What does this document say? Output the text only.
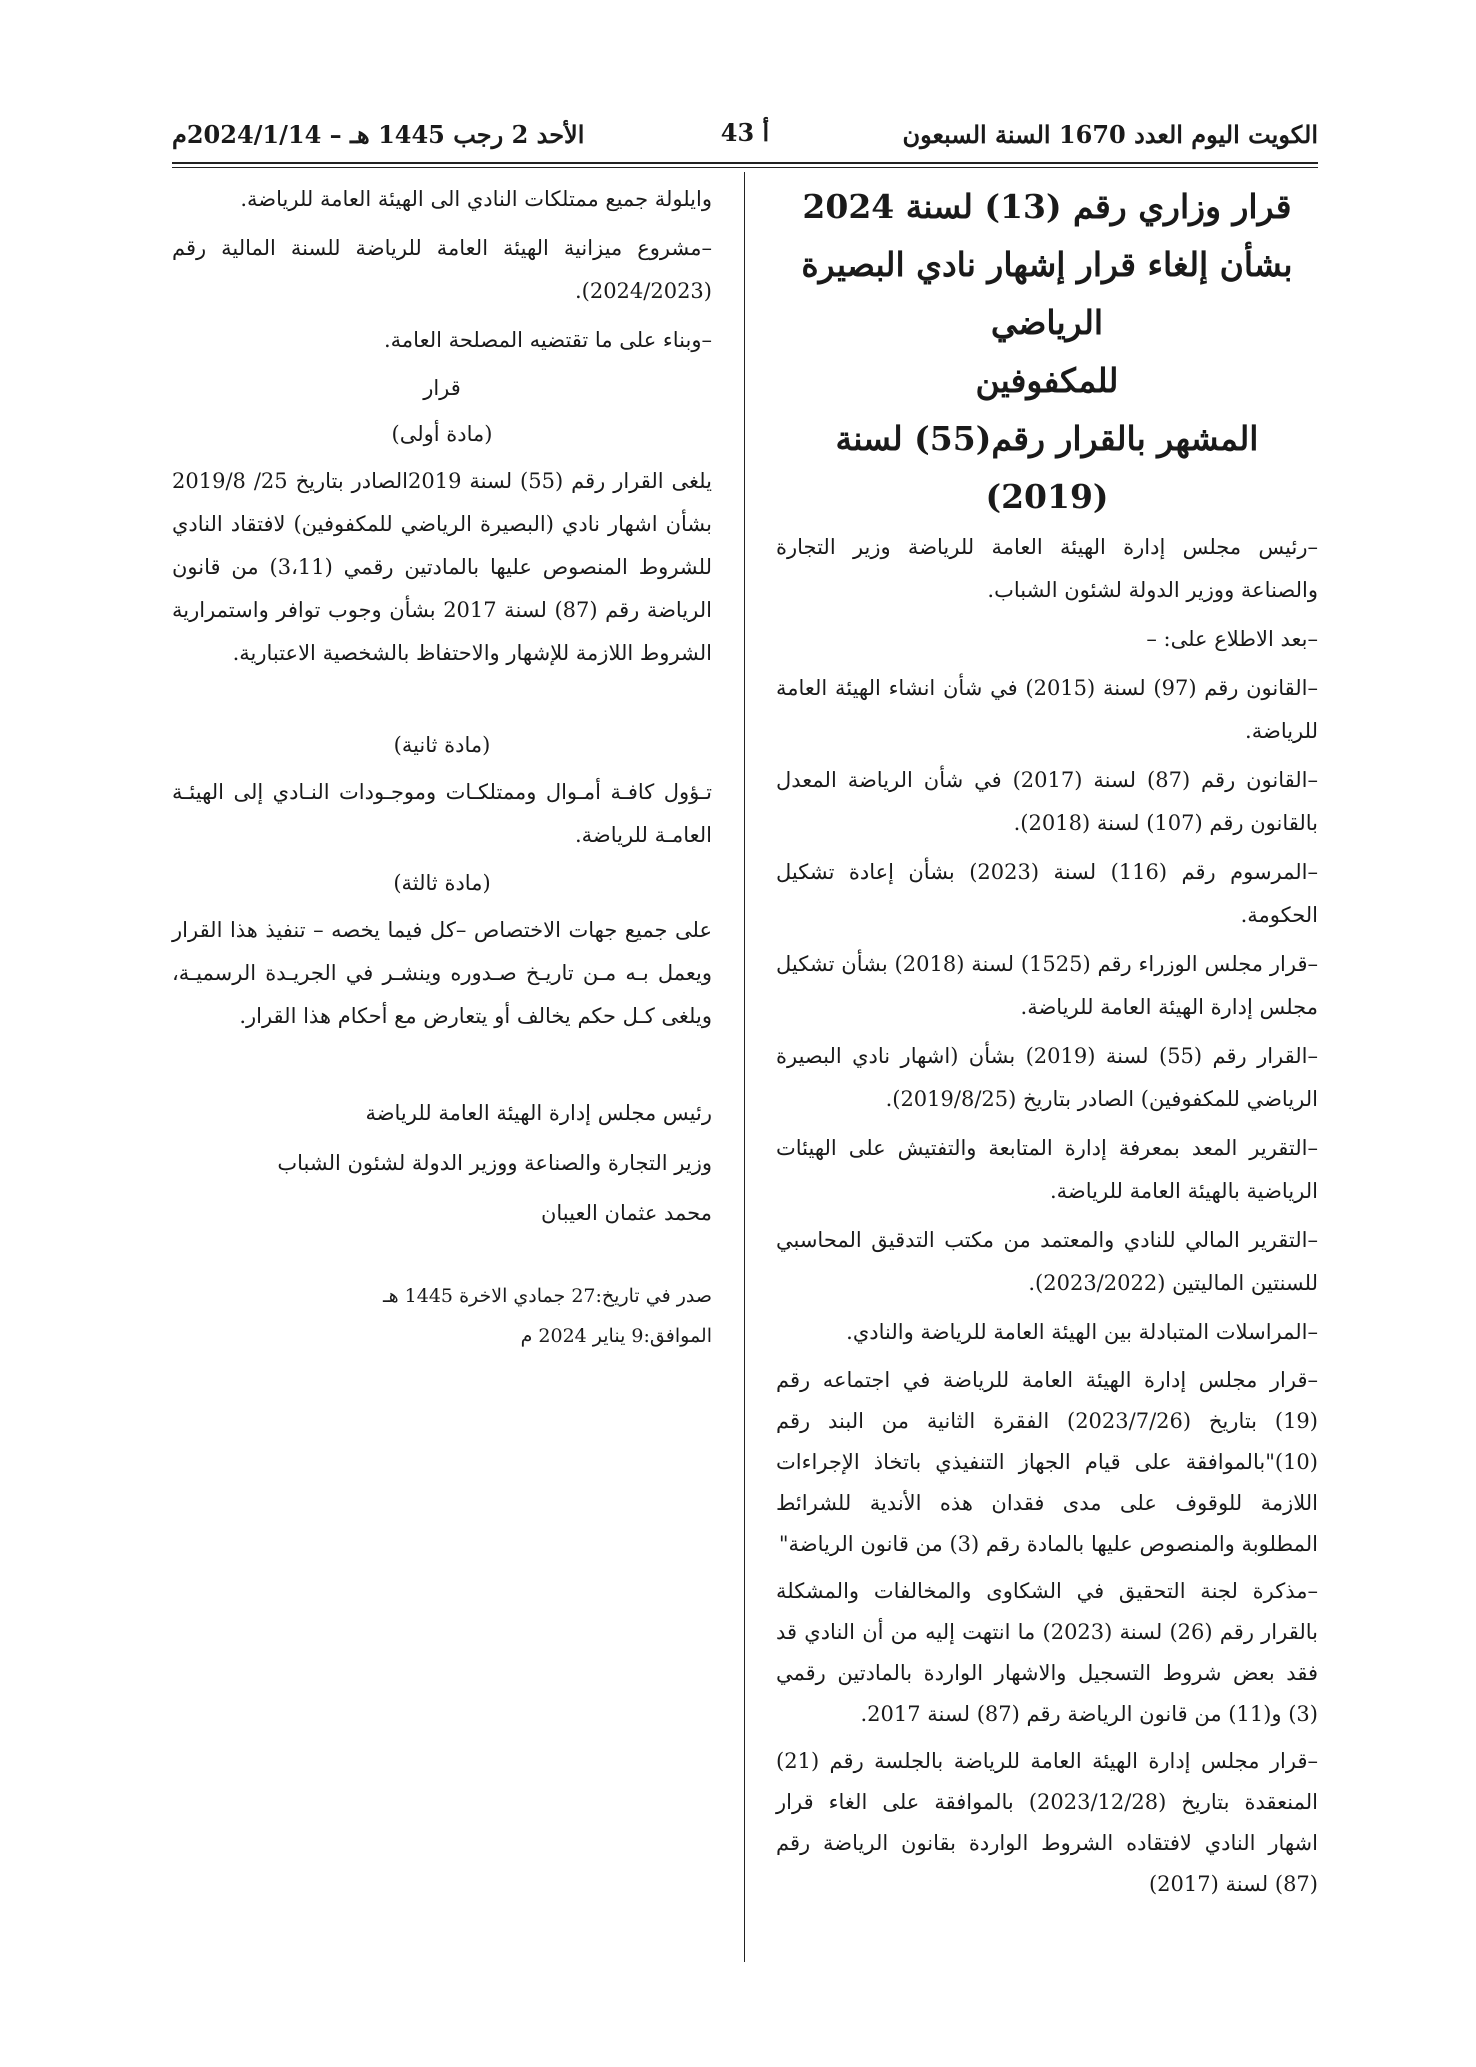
الكويت اليوم العدد 1670 السنة السبعون
أ 43
الأحد 2 رجب 1445 هـ – 2024/1/14م

قرار وزاري رقم (13) لسنة 2024

بشأن إلغاء قرار إشهار نادي البصيرة الرياضي

للمكفوفين

المشهر بالقرار رقم(55) لسنة (2019)

–رئيس مجلس إدارة الهيئة العامة للرياضة وزير التجارة والصناعة ووزير الدولة لشئون الشباب.

–بعد الاطلاع على: –

–القانون رقم (97) لسنة (2015) في شأن انشاء الهيئة العامة للرياضة.

–القانون رقم (87) لسنة (2017) في شأن الرياضة المعدل بالقانون رقم (107) لسنة (2018).

–المرسوم رقم (116) لسنة (2023) بشأن إعادة تشكيل الحكومة.

–قرار مجلس الوزراء رقم (1525) لسنة (2018) بشأن تشكيل مجلس إدارة الهيئة العامة للرياضة.

–القرار رقم (55) لسنة (2019) بشأن (اشهار نادي البصيرة الرياضي للمكفوفين) الصادر بتاريخ (2019/8/25).

–التقرير المعد بمعرفة إدارة المتابعة والتفتيش على الهيئات الرياضية بالهيئة العامة للرياضة.

–التقرير المالي للنادي والمعتمد من مكتب التدقيق المحاسبي للسنتين الماليتين (2023/2022).

–المراسلات المتبادلة بين الهيئة العامة للرياضة والنادي.

–قرار مجلس إدارة الهيئة العامة للرياضة في اجتماعه رقم (19) بتاريخ (2023/7/26) الفقرة الثانية من البند رقم (10)"بالموافقة على قيام الجهاز التنفيذي باتخاذ الإجراءات اللازمة للوقوف على مدى فقدان هذه الأندية للشرائط المطلوبة والمنصوص عليها بالمادة رقم (3) من قانون الرياضة"

–مذكرة لجنة التحقيق في الشكاوى والمخالفات والمشكلة بالقرار رقم (26) لسنة (2023) ما انتهت إليه من أن النادي قد فقد بعض شروط التسجيل والاشهار الواردة بالمادتين رقمي (3) و(11) من قانون الرياضة رقم (87) لسنة 2017.

–قرار مجلس إدارة الهيئة العامة للرياضة بالجلسة رقم (21) المنعقدة بتاريخ (2023/12/28) بالموافقة على الغاء قرار اشهار النادي لافتقاده الشروط الواردة بقانون الرياضة رقم (87) لسنة (2017)

وايلولة جميع ممتلكات النادي الى الهيئة العامة للرياضة.

–مشروع ميزانية الهيئة العامة للرياضة للسنة المالية رقم (2024/2023).

–وبناء على ما تقتضيه المصلحة العامة.

قرار

(مادة أولى)

يلغى القرار رقم (55) لسنة 2019الصادر بتاريخ 25/ 2019/8 بشأن اشهار نادي (البصيرة الرياضي للمكفوفين) لافتقاد النادي للشروط المنصوص عليها بالمادتين رقمي (3،11) من قانون الرياضة رقم (87) لسنة 2017 بشأن وجوب توافر واستمرارية الشروط اللازمة للإشهار والاحتفاظ بالشخصية الاعتبارية.

(مادة ثانية)

تـؤول كافـة أمـوال وممتلكـات وموجـودات النـادي إلى الهيئـة العامـة للرياضة.

(مادة ثالثة)

على جميع جهات الاختصاص –كل فيما يخصه – تنفيذ هذا القرار ويعمل بـه مـن تاريـخ صـدوره وينشـر في الجريـدة الرسميـة، ويلغى كـل حكم يخالف أو يتعارض مع أحكام هذا القرار.

رئيس مجلس إدارة الهيئة العامة للرياضة

وزير التجارة والصناعة ووزير الدولة لشئون الشباب

محمد عثمان العيبان

صدر في تاريخ:27 جمادي الاخرة 1445 هـ

الموافق:9 يناير 2024 م
